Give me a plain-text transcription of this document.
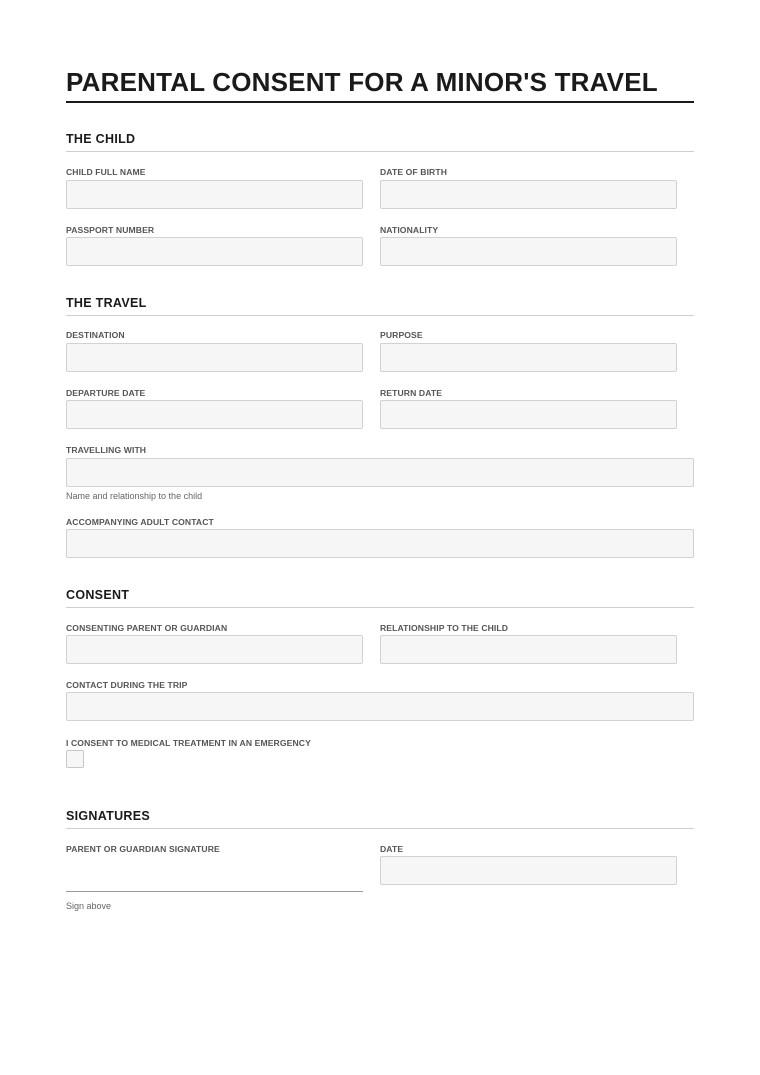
PARENTAL CONSENT FOR A MINOR'S TRAVEL
THE CHILD
CHILD FULL NAME	DATE OF BIRTH
PASSPORT NUMBER	NATIONALITY
THE TRAVEL
DESTINATION	PURPOSE
DEPARTURE DATE	RETURN DATE
TRAVELLING WITH
Name and relationship to the child
ACCOMPANYING ADULT CONTACT
CONSENT
CONSENTING PARENT OR GUARDIAN	RELATIONSHIP TO THE CHILD
CONTACT DURING THE TRIP
I CONSENT TO MEDICAL TREATMENT IN AN EMERGENCY
SIGNATURES
PARENT OR GUARDIAN SIGNATURE
Sign above
DATE
